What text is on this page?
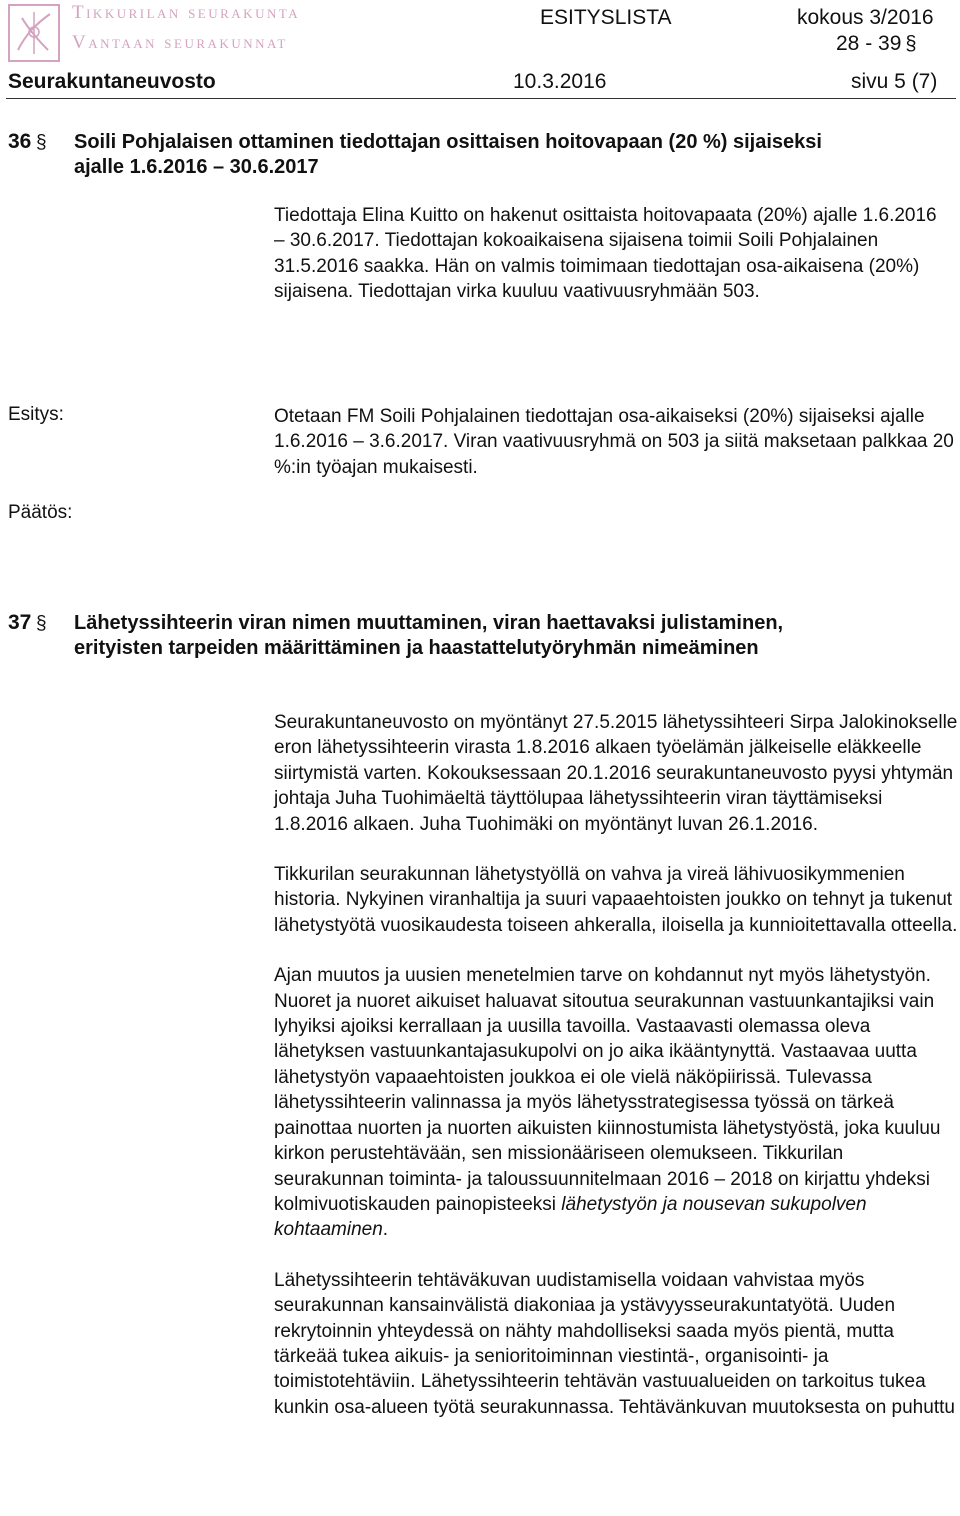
Tikkurilan seurakunta
Vantaan seurakunnat
ESITYSLISTA	kokous 3/2016
28 - 39 §
Seurakuntaneuvosto	10.3.2016	sivu 5 (7)
36 § Soili Pohjalaisen ottaminen tiedottajan osittaisen hoitovapaan (20 %) sijaiseksi
ajalle 1.6.2016 – 30.6.2017
Tiedottaja Elina Kuitto on hakenut osittaista hoitovapaata (20%) ajalle 1.6.2016 – 30.6.2017. Tiedottajan kokoaikaisena sijaisena toimii Soili Pohjalainen 31.5.2016 saakka. Hän on valmis toimimaan tiedottajan osa-aikaisena (20%) sijaisena. Tiedottajan virka kuuluu vaativuusryhmään 503.
Esitys:	Otetaan FM Soili Pohjalainen tiedottajan osa-aikaiseksi (20%) sijaiseksi ajalle 1.6.2016 – 3.6.2017. Viran vaativuusryhmä on 503 ja siitä maksetaan palkkaa 20 %:in työajan mukaisesti.
Päätös:
37 § Lähetyssihteerin viran nimen muuttaminen, viran haettavaksi julistaminen,
erityisten tarpeiden määrittäminen ja haastattelutyöryhmän nimeäminen

Seurakuntaneuvosto on myöntänyt 27.5.2015 lähetyssihteeri Sirpa Jalokinokselle eron lähetyssihteerin virasta 1.8.2016 alkaen työelämän jälkeiselle eläkkeelle siirtymistä varten. Kokouksessaan 20.1.2016 seurakuntaneuvosto pyysi yhtymän johtaja Juha Tuohimäeltä täyttölupaa lähetyssihteerin viran täyttämiseksi 1.8.2016 alkaen. Juha Tuohimäki on myöntänyt luvan 26.1.2016.

Tikkurilan seurakunnan lähetystyöllä on vahva ja vireä lähivuosikymmenien historia. Nykyinen viranhaltija ja suuri vapaaehtoisten joukko on tehnyt ja tukenut lähetystyötä vuosikaudesta toiseen ahkeralla, iloisella ja kunnioitettavalla otteella.

Ajan muutos ja uusien menetelmien tarve on kohdannut nyt myös lähetystyön. Nuoret ja nuoret aikuiset haluavat sitoutua seurakunnan vastuunkantajiksi vain lyhyiksi ajoiksi kerrallaan ja uusilla tavoilla. Vastaavasti olemassa oleva lähetyksen vastuunkantajasukupolvi on jo aika ikääntynyttä. Vastaavaa uutta lähetystyön vapaaehtoisten joukkoa ei ole vielä näköpiirissä. Tulevassa lähetyssihteerin valinnassa ja myös lähetysstrategisessa työssä on tärkeä painottaa nuorten ja nuorten aikuisten kiinnostumista lähetystyöstä, joka kuuluu kirkon perustehtävään, sen missionääriseen olemukseen. Tikkurilan seurakunnan toiminta- ja taloussuunnitelmaan 2016 – 2018 on kirjattu yhdeksi kolmivuotiskauden painopisteeksi lähetystyön ja nousevan sukupolven kohtaaminen.

Lähetyssihteerin tehtäväkuvan uudistamisella voidaan vahvistaa myös seurakunnan kansainvälistä diakoniaa ja ystävyysseurakuntatyötä. Uuden rekrytoinnin yhteydessä on nähty mahdolliseksi saada myös pientä, mutta tärkeää tukea aikuis- ja senioritoiminnan viestintä-, organisointi- ja toimistotehtäviin. Lähetyssihteerin tehtävän vastuualueiden on tarkoitus tukea kunkin osa-alueen työtä seurakunnassa. Tehtävänkuvan muutoksesta on puhuttu
